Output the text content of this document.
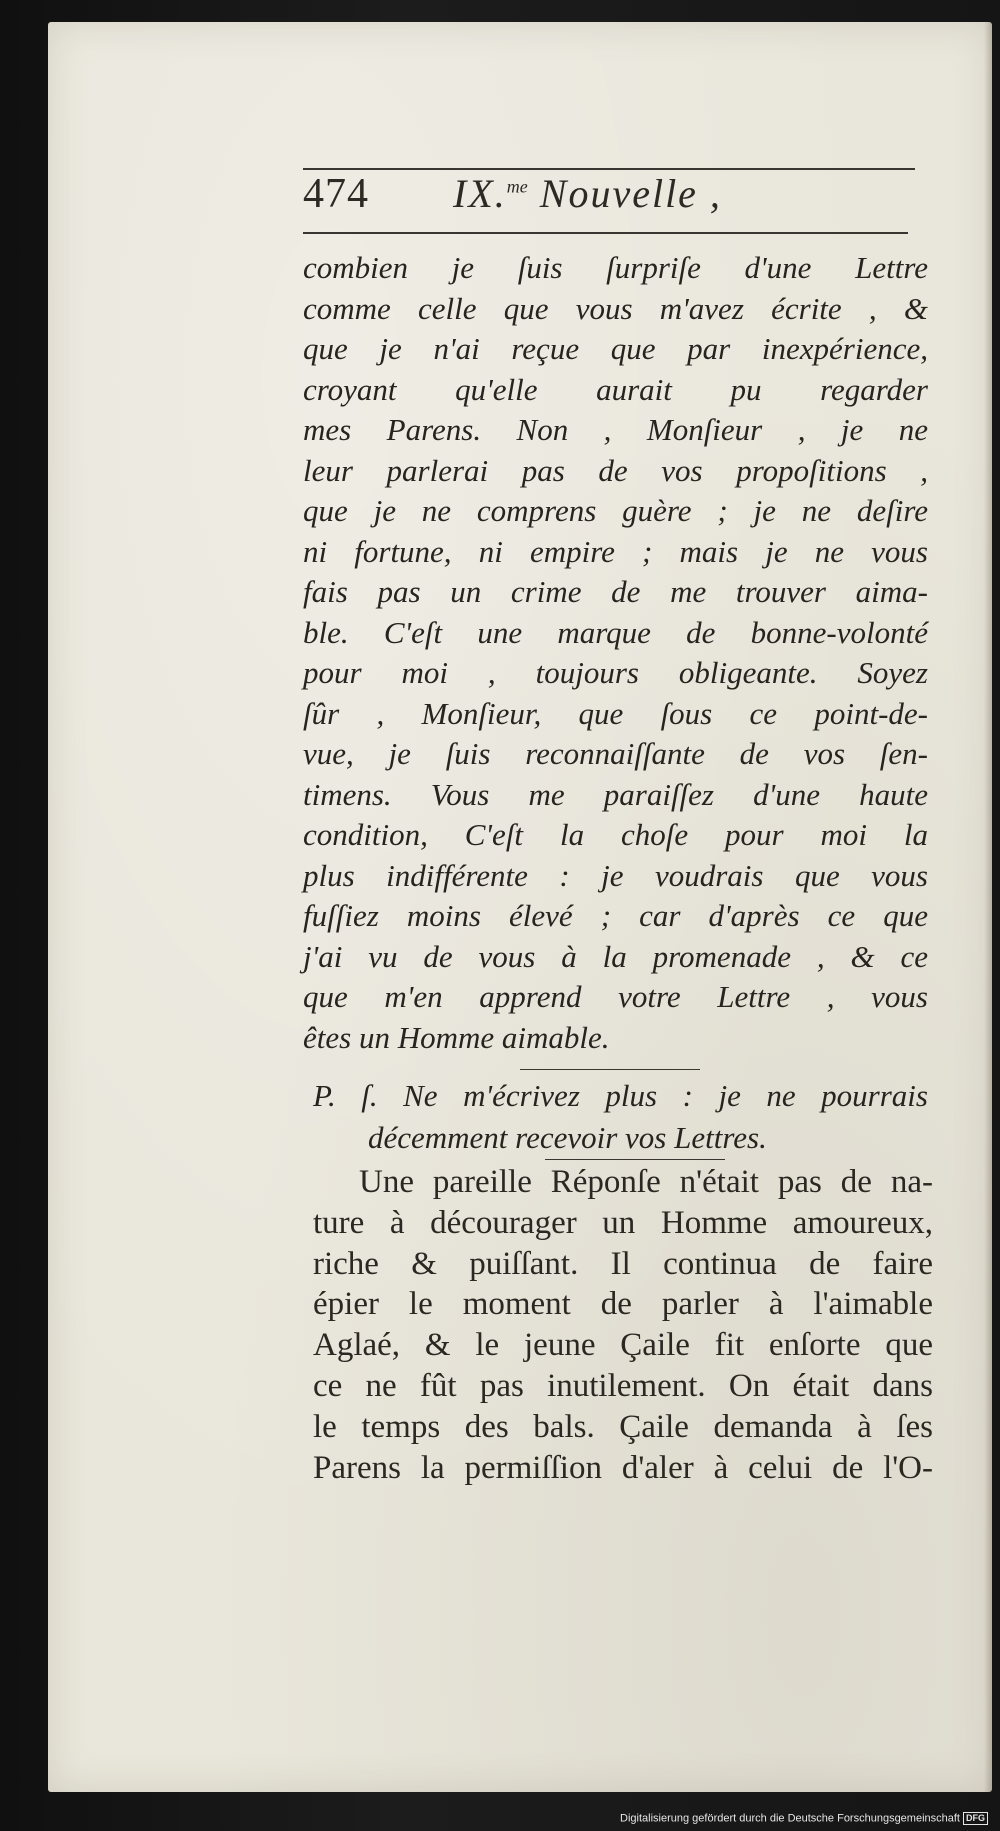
474 IX.$^{me}$ Nouvelle ,
combien je ſuis ſurpriſe d'une Lettre
comme celle que vous m'avez écrite , &
que je n'ai reçue que par inexpérience,
croyant qu'elle aurait pu regarder
mes Parens. Non , Monſieur , je ne
leur parlerai pas de vos propoſitions ,
que je ne comprens guère ; je ne deſire
ni fortune, ni empire ; mais je ne vous
fais pas un crime de me trouver aima-
ble. C'eſt une marque de bonne-volonté
pour moi , toujours obligeante. Soyez
ſûr , Monſieur, que ſous ce point-de-
vue, je ſuis reconnaiſſante de vos ſen-
timens. Vous me paraiſſez d'une haute
condition, C'eſt la choſe pour moi la
plus indifférente : je voudrais que vous
fuſſiez moins élevé ; car d'après ce que
j'ai vu de vous à la promenade , & ce
que m'en apprend votre Lettre , vous
êtes un Homme aimable.
P. ſ. Ne m'écrivez plus : je ne pourrais
décemment recevoir vos Lettres.
Une pareille Réponſe n'était pas de na-
ture à décourager un Homme amoureux,
riche & puiſſant. Il continua de faire
épier le moment de parler à l'aimable
Aglaé, & le jeune Çaile fit enſorte que
ce ne fût pas inutilement. On était dans
le temps des bals. Çaile demanda à ſes
Parens la permiſſion d'aler à celui de l'O-
Digitalisierung gefördert durch die Deutsche Forschungsgemeinschaft DFG
